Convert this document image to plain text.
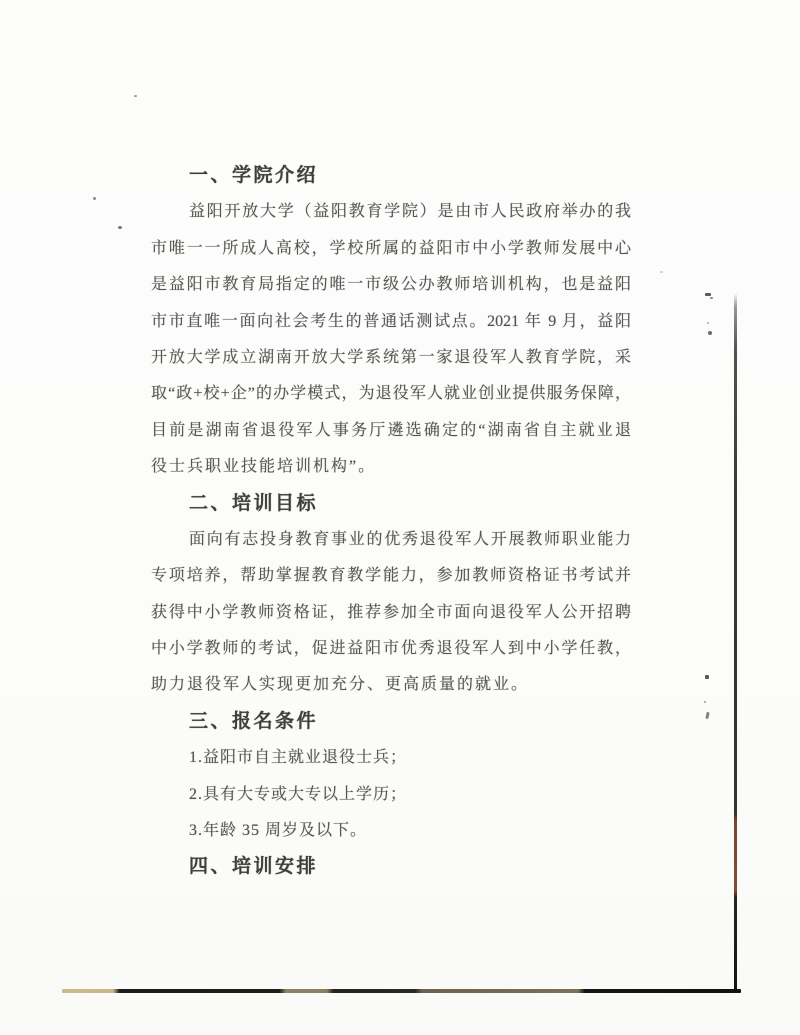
一、学院介绍
益阳开放大学（益阳教育学院）是由市人民政府举办的我
市唯一一所成人高校，学校所属的益阳市中小学教师发展中心
是益阳市教育局指定的唯一市级公办教师培训机构，也是益阳
市市直唯一面向社会考生的普通话测试点。2021 年 9 月，益阳
开放大学成立湖南开放大学系统第一家退役军人教育学院，采
取“政+校+企”的办学模式，为退役军人就业创业提供服务保障，
目前是湖南省退役军人事务厅遴选确定的“湖南省自主就业退
役士兵职业技能培训机构”。
二、培训目标
面向有志投身教育事业的优秀退役军人开展教师职业能力
专项培养，帮助掌握教育教学能力，参加教师资格证书考试并
获得中小学教师资格证，推荐参加全市面向退役军人公开招聘
中小学教师的考试，促进益阳市优秀退役军人到中小学任教，
助力退役军人实现更加充分、更高质量的就业。
三、报名条件
1.益阳市自主就业退役士兵；
2.具有大专或大专以上学历；
3.年龄 35 周岁及以下。
四、培训安排
